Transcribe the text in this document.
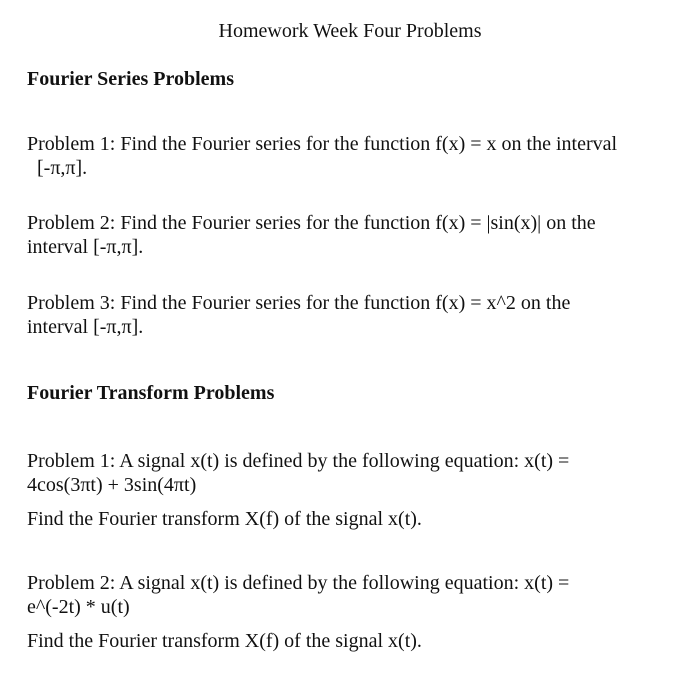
Homework Week Four Problems
Fourier Series Problems
Problem 1: Find the Fourier series for the function f(x) = x on the interval
[-π,π].
Problem 2: Find the Fourier series for the function f(x) = |sin(x)| on the
interval [-π,π].
Problem 3: Find the Fourier series for the function f(x) = x^2 on the
interval [-π,π].
Fourier Transform Problems
Problem 1: A signal x(t) is defined by the following equation: x(t) =
4cos(3πt) + 3sin(4πt)
Find the Fourier transform X(f) of the signal x(t).
Problem 2: A signal x(t) is defined by the following equation: x(t) =
e^(-2t) * u(t)
Find the Fourier transform X(f) of the signal x(t).
